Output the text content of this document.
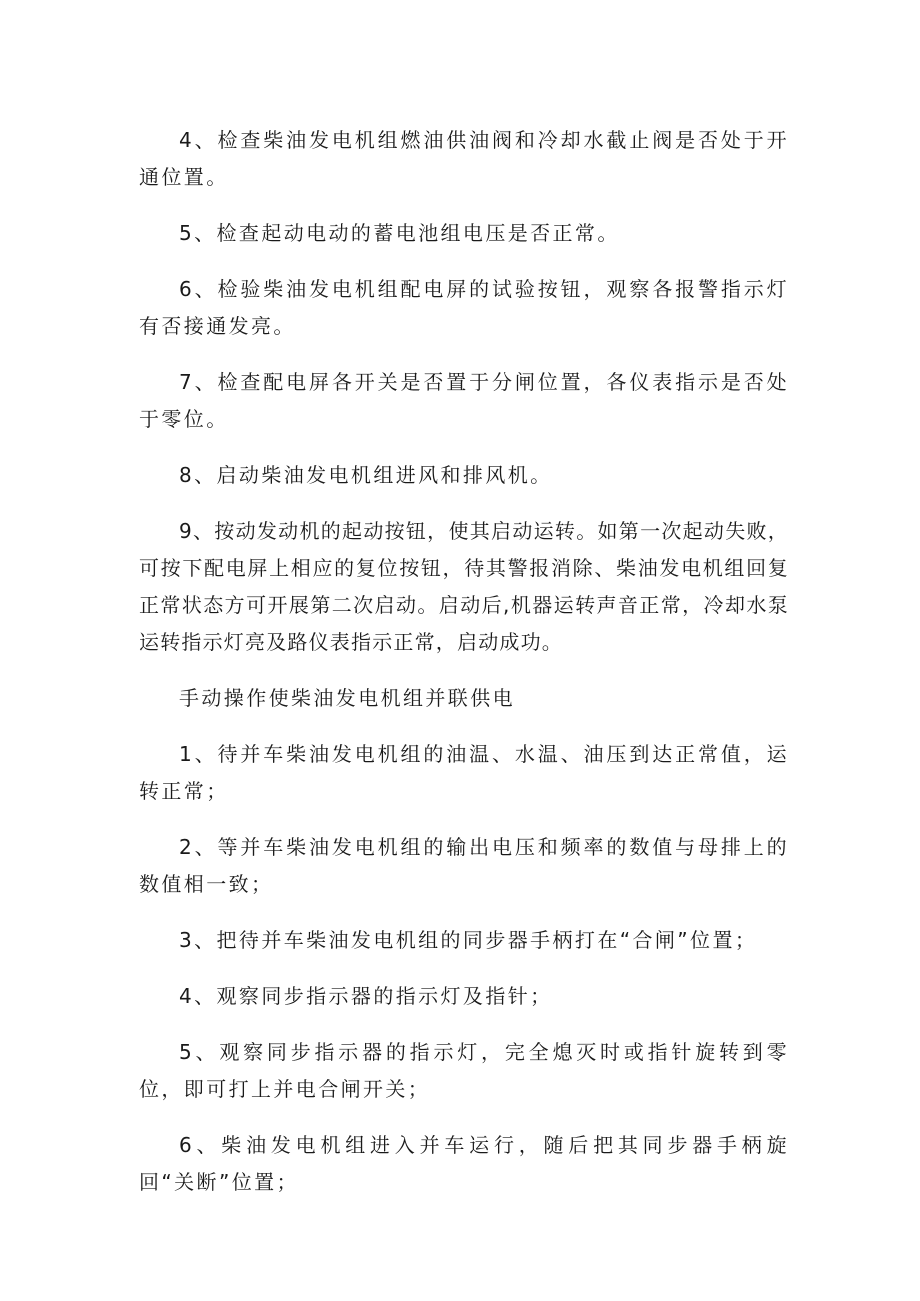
4、检查柴油发电机组燃油供油阀和冷却水截止阀是否处于开通位置。

5、检查起动电动的蓄电池组电压是否正常。

6、检验柴油发电机组配电屏的试验按钮，观察各报警指示灯有否接通发亮。

7、检查配电屏各开关是否置于分闸位置，各仪表指示是否处于零位。

8、启动柴油发电机组进风和排风机。

9、按动发动机的起动按钮，使其启动运转。如第一次起动失败，可按下配电屏上相应的复位按钮，待其警报消除、柴油发电机组回复正常状态方可开展第二次启动。启动后,机器运转声音正常，冷却水泵运转指示灯亮及路仪表指示正常，启动成功。

手动操作使柴油发电机组并联供电

1、待并车柴油发电机组的油温、水温、油压到达正常值，运转正常；

2、等并车柴油发电机组的输出电压和频率的数值与母排上的数值相一致；

3、把待并车柴油发电机组的同步器手柄打在“合闸”位置；

4、观察同步指示器的指示灯及指针；

5、观察同步指示器的指示灯，完全熄灭时或指针旋转到零位，即可打上并电合闸开关；

6、柴油发电机组进入并车运行，随后把其同步器手柄旋回“关断”位置；
